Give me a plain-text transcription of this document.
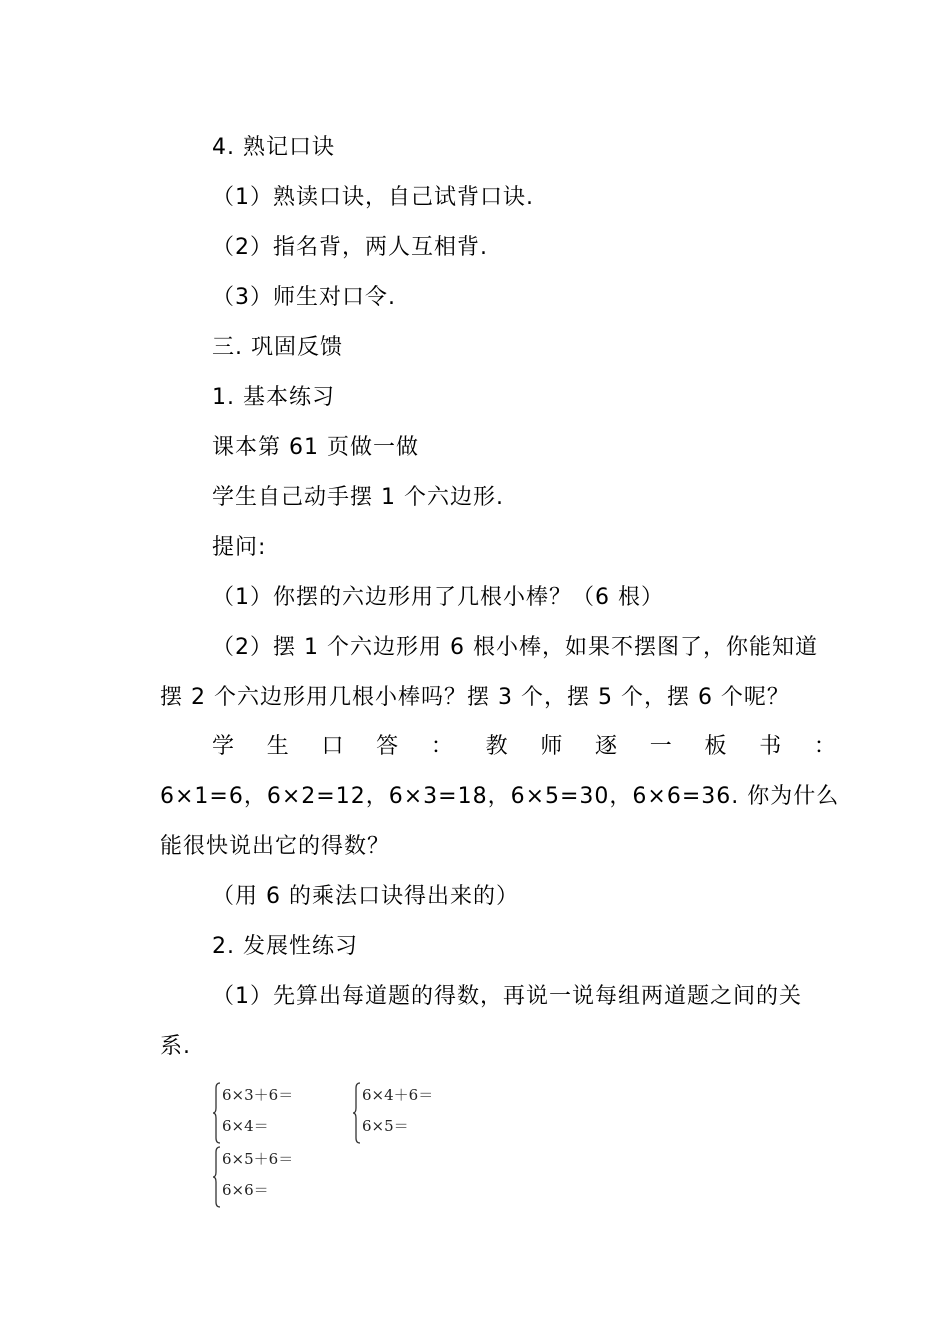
4. 熟记口诀
（1）熟读口诀，自己试背口诀.
（2）指名背，两人互相背.
（3）师生对口令.
三. 巩固反馈
1. 基本练习
课本第 61 页做一做
学生自己动手摆 1 个六边形.
提问:
（1）你摆的六边形用了几根小棒？（6 根）
（2）摆 1 个六边形用 6 根小棒，如果不摆图了，你能知道
摆 2 个六边形用几根小棒吗？摆 3 个，摆 5 个，摆 6 个呢？
学 生 口 答 ： 教 师 逐 一 板 书 ：
6×1=6，6×2=12，6×3=18，6×5=30，6×6=36. 你为什么
能很快说出它的得数？
（用 6 的乘法口诀得出来的）
2. 发展性练习
（1）先算出每道题的得数，再说一说每组两道题之间的关
系.
6×3＋6＝
6×4＝
6×4＋6＝
6×5＝
6×5＋6＝
6×6＝
